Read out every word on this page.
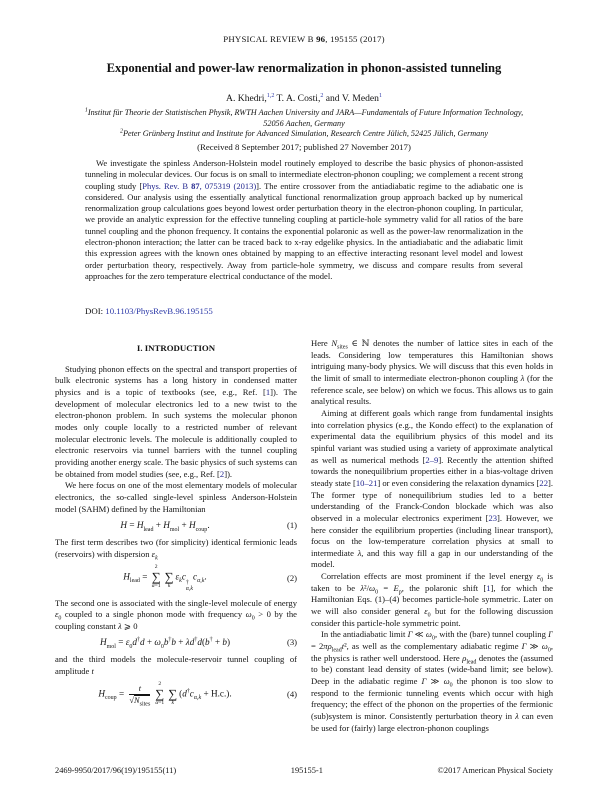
PHYSICAL REVIEW B 96, 195155 (2017)
Exponential and power-law renormalization in phonon-assisted tunneling
A. Khedri,$^{1,2}$ T. A. Costi,$^2$ and V. Meden$^1$
$^1$Institut für Theorie der Statistischen Physik, RWTH Aachen University and JARA—Fundamentals of Future Information Technology,
52056 Aachen, Germany
$^2$Peter Grünberg Institut and Institute for Advanced Simulation, Research Centre Jülich, 52425 Jülich, Germany
(Received 8 September 2017; published 27 November 2017)
We investigate the spinless Anderson-Holstein model routinely employed to describe the basic physics of phonon-assisted tunneling in molecular devices. Our focus is on small to intermediate electron-phonon coupling; we complement a recent strong coupling study [Phys. Rev. B 87, 075319 (2013)]. The entire crossover from the antiadiabatic regime to the adiabatic one is considered. Our analysis using the essentially analytical functional renormalization group approach backed up by numerical renormalization group calculations goes beyond lowest order perturbation theory in the electron-phonon coupling. In particular, we provide an analytic expression for the effective tunneling coupling at particle-hole symmetry valid for all ratios of the bare tunnel coupling and the phonon frequency. It contains the exponential polaronic as well as the power-law renormalization in the electron-phonon interaction; the latter can be traced back to x-ray edgelike physics. In the antiadiabatic and the adiabatic limit this expression agrees with the known ones obtained by mapping to an effective interacting resonant level model and lowest order perturbation theory, respectively. Away from particle-hole symmetry, we discuss and compare results from several approaches for the zero temperature electrical conductance of the model.
DOI: 10.1103/PhysRevB.96.195155
I. INTRODUCTION

Studying phonon effects on the spectral and transport properties of bulk electronic systems has a long history in condensed matter physics and is a topic of textbooks (see, e.g., Ref. [1]). The development of molecular electronics led to a new twist to the electron-phonon problem. In such systems the molecular phonon modes only couple locally to a restricted number of relevant molecular electronic levels. The molecule is additionally coupled to electronic reservoirs via tunnel barriers with the tunnel coupling providing another energy scale. The basic physics of such systems can be obtained from model studies (see, e.g., Ref. [2]).

We here focus on one of the most elementary models of molecular electronics, the so-called single-level spinless Anderson-Holstein model (SAHM) defined by the Hamiltonian

$H = H_{lead} + H_{mol} + H_{coup}$.	(1)

The first term describes two (for simplicity) identical fermionic leads (reservoirs) with dispersion $\varepsilon_k$

$H_{lead}$ =
2
∑
α=1

∑
k
$\varepsilon_kc$
†
α,k
$c_{\alpha,k}$.	(2)

The second one is associated with the single-level molecule of energy $\varepsilon_0$ coupled to a single phonon mode with frequency $\omega_0 > 0$ by the coupling constant λ ⩾ 0

$H_{mol} = \varepsilon_0d^\dagger d + \omega_0b^\dagger b + \lambda d^\dagger d(b^\dagger + b)$	(3)

and the third models the molecule-reservoir tunnel coupling of amplitude t

$H_{coup} = \frac{t}{√N_{sites}} 2$
∑
α=1

∑
k
$(d^\dagger c_{\alpha,k} + H.c.)$.	(4)

Here $N_{sites}$ ∈ ℕ denotes the number of lattice sites in each of the leads. Considering low temperatures this Hamiltonian shows intriguing many-body physics. We will discuss that this even holds in the limit of small to intermediate electron-phonon coupling λ (for the reference scale, see below) on which we focus. This allows us to gain analytical results.

Aiming at different goals which range from fundamental insights into correlation physics (e.g., the Kondo effect) to the explanation of experimental data the equilibrium physics of this model and its spinful variant was studied using a variety of approximate analytical as well as numerical methods [2–9]. Recently the attention shifted towards the nonequilibrium properties either in a bias-voltage driven steady state [10–21] or even considering the relaxation dynamics [22]. The former type of nonequilibrium studies led to a better understanding of the Franck-Condon blockade which was also observed in a molecular electronics experiment [23]. However, we here consider the equilibrium properties (including linear transport), focus on the low-temperature correlation physics at small to intermediate λ, and this way fill a gap in our understanding of the model.

Correlation effects are most prominent if the level energy $\varepsilon_0$ is taken to be $\lambda^2/\omega_0 = E_p$, the polaronic shift [1], for which the Hamiltonian Eqs. (1)–(4) becomes particle-hole symmetric. Later on we will also consider general $\varepsilon_0$ but for the following discussion consider this particle-hole symmetric point.

In the antiadiabatic limit Γ ≪ $\omega_0$, with the (bare) tunnel coupling $\Gamma = 2\pi\rho_{lead}t^2$, as well as the complementary adiabatic regime Γ ≫ $\omega_0$, the physics is rather well understood. Here $\rho_{lead}$ denotes the (assumed to be) constant lead density of states (wide-band limit; see below). Deep in the adiabatic regime Γ ≫ $\omega_0$ the phonon is too slow to respond to the fermionic tunneling events which occur with high frequency; the effect of the phonon on the properties of the fermionic (sub)system is minor. Consistently perturbation theory in λ can even be used for (fairly) large electron-phonon couplings

2469-9950/2017/96(19)/195155(11)	195155-1	©2017 American Physical Society
